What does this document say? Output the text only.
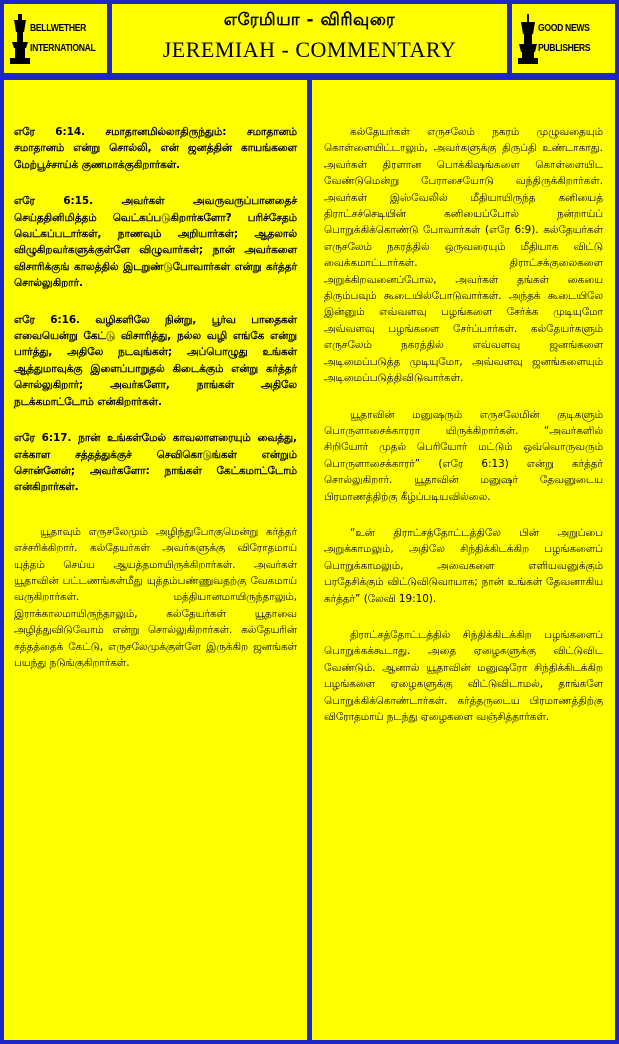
BELLWETHER
INTERNATIONAL
எரேமியா - விரிவுரை
JEREMIAH - COMMENTARY
GOOD NEWS
PUBLISHERS

எரே 6:14. சமாதானமில்லாதிருந்தும்: சமாதானம் சமாதானம் என்று சொல்லி, என் ஜனத்தின் காயங்களை மேற்பூச்சாய்க் குணமாக்குகிறார்கள்.

எரே 6:15. அவர்கள் அவருவருப்பானதைச் செய்ததினிமித்தம் வெட்கப்படுகிறார்களோ? பரிச்சேதம் வெட்கப்படார்கள், நாணவும் அறியார்கள்; ஆதலால் விழுகிறவர்களுக்குள்ளே விழுவார்கள்; நான் அவர்களை விசாரிக்குங் காலத்தில் இடறுண்டுபோவார்கள் என்று கர்த்தர் சொல்லுகிறார்.

எரே 6:16. வழிகளிலே நின்று, பூர்வ பாதைகள் எவையென்று கேட்டு விசாரித்து, நல்ல வழி எங்கே என்று பார்த்து, அதிலே நடவுங்கள்; அப்பொழுது உங்கள் ஆத்துமாவுக்கு இளைப்பாறுதல் கிடைக்கும் என்று கர்த்தர் சொல்லுகிறார்; அவர்களோ, நாங்கள் அதிலே நடக்கமாட்டோம் என்கிறார்கள்.

எரே 6:17. நான் உங்கள்மேல் காவலாளரையும் வைத்து, எக்காள சத்தத்துக்குச் செவிகொடுங்கள் என்றும் சொன்னேன்; அவர்களோ: நாங்கள் கேட்கமாட்டோம் என்கிறார்கள்.

யூதாவும் எருசலேமும் அழிந்துபோகுமென்று கர்த்தர் எச்சரிக்கிறார். கல்தேயர்கள் அவர்களுக்கு விரோதமாய் யுத்தம் செய்ய ஆயத்தமாயிருக்கிறார்கள். அவர்கள் யூதாவின் பட்டணங்கள்மீது யுத்தம்பண்ணுவதற்கு வேகமாய் வருகிறார்கள். மத்தியானமாயிருந்தாலும், இராக்காலமாயிருந்தாலும், கல்தேயர்கள் யூதாவை அழித்துவிடுவோம் என்று சொல்லுகிறார்கள். கல்தேயரின் சத்தத்தைக் கேட்டு, எருசலேமுக்குள்ளே இருக்கிற ஜனங்கள் பயந்து நடுங்குகிறார்கள்.

கல்தேயர்கள் எருசலேம் நகரம் முழுவதையும் கொள்ளையிட்டாலும், அவர்களுக்கு திருப்தி உண்டாகாது. அவர்கள் திரளான பொக்கிஷங்களை கொள்ளையிட வேண்டுமென்று பேராசையோடு வந்திருக்கிறார்கள். அவர்கள் இஸ்வேலில் மீதியாயிருந்த கனியைத் திராட்சச்செடியின் கனியைப்போல் நன்றாய்ப் பொறுக்கிக்கொண்டு போவார்கள் (எரே 6:9). கல்தேயர்கள் எருசலேம் நகரத்தில் ஒருவரையும் மீதியாக விட்டு வைக்கமாட்டார்கள். திராட்சக்குலைகளை அறுக்கிறவனைப்போல, அவர்கள் தங்கள் கையை திரும்பவும் கூடையில்போடுவார்கள். அந்தக் கூடையிலே இன்னும் எவ்வளவு பழங்களை சேர்க்க முடியுமோ அவ்வளவு பழங்களை சேர்ப்பார்கள். கல்தேயர்களும் எருசலேம் நகரத்தில் எவ்வளவு ஜனங்களை அடிமைப்படுத்த முடியுமோ, அவ்வளவு ஜனங்களையும் அடிமைப்படுத்திவிடுவார்கள்.

யூதாவின் மனுஷரும் எருசலேமின் குடிகளும் பொருளாசைக்காரரா யிருக்கிறார்கள். “அவர்களில் சிறியோர் முதல் பெரியோர் மட்டும் ஒவ்வொருவரும் பொருளாசைக்காரர்” (எரே 6:13) என்று கர்த்தர் சொல்லுகிறார். யூதாவின் மனுஷர் தேவனுடைய பிரமாணத்திற்கு கீழ்ப்படியவில்லை.

“உன் திராட்சத்தோட்டத்திலே பின் அறுப்பை அறுக்காமலும், அதிலே சிந்திக்கிடக்கிற பழங்களைப் பொறுக்காமலும், அவைகளை எளியவனுக்கும் பரதேசிக்கும் விட்டுவிடுவாயாக; நான் உங்கள் தேவனாகிய கர்த்தர்” (லேவி 19:10).

திராட்சத்தோட்டத்தில் சிந்திக்கிடக்கிற பழங்களைப் பொறுக்கக்கூடாது. அதை ஏழைகளுக்கு விட்டுவிட வேண்டும். ஆனால் யூதாவின் மனுஷரோ சிந்திக்கிடக்கிற பழங்களை ஏழைகளுக்கு விட்டுவிடாமல், தாங்களே பொறுக்கிக்கொண்டார்கள். கர்த்தருடைய பிரமாணத்திற்கு விரோதமாய் நடந்து ஏழைகளை வஞ்சித்தார்கள்.
